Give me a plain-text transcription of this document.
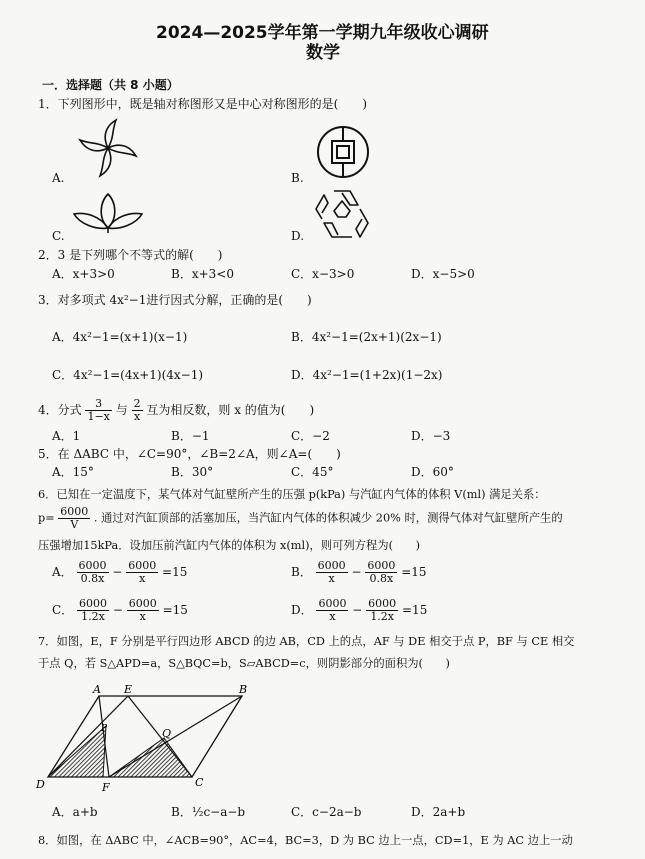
2024—2025学年第一学期九年级收心调研
数学
一．选择题（共 8 小题）
1．下列图形中，既是轴对称图形又是中心对称图形的是(　　)
A.	B.
C.	D.
2．3 是下列哪个不等式的解(　　)
A．x+3>0	B．x+3<0	C．x−3>0	D．x−5>0
3．对多项式 4x²−1进行因式分解，正确的是(　　)
A．4x²−1=(x+1)(x−1)	B．4x²−1=(2x+1)(2x−1)
C．4x²−1=(4x+1)(4x−1)	D．4x²−1=(1+2x)(1−2x)
4．分式 $\frac{3}{1-x}$ 与 $\frac{2}{x}$ 互为相反数，则 x 的值为(　　)
A．1	B．−1	C．−2	D．−3
5．在 ΔABC 中，∠C=90°，∠B=2∠A，则∠A=(　　)
A．15°	B．30°	C．45°	D．60°
6．已知在一定温度下，某气体对气缸壁所产生的压强 p(kPa) 与汽缸内气体的体积 V(ml) 满足关系：
$p= \frac{6000}{V}$ . 通过对汽缸顶部的活塞加压，当汽缸内气体的体积减少 20% 时，测得气体对气缸壁所产生的
压强增加15kPa．设加压前汽缸内气体的体积为 x(ml)，则可列方程为(　　)
A． $\frac{6000}{0.8x} - \frac{6000}{x} =15$	B． $\frac{6000}{x} - \frac{6000}{0.8x} =15$
C． $\frac{6000}{1.2x} - \frac{6000}{x} =15$	D． $\frac{6000}{x} - \frac{6000}{1.2x} =15$
7．如图，E，F 分别是平行四边形 ABCD 的边 AB，CD 上的点，AF 与 DE 相交于点 P，BF 与 CE 相交
于点 Q，若 S△APD=a，S△BQC=b，S▱ABCD=c，则阴影部分的面积为(　　)
A E	B
P	Q
D	F	C
A．a+b	B．½c−a−b	C．c−2a−b	D．2a+b
8．如图，在 ΔABC 中，∠ACB=90°，AC=4，BC=3，D 为 BC 边上一点，CD=1，E 为 AC 边上一动
